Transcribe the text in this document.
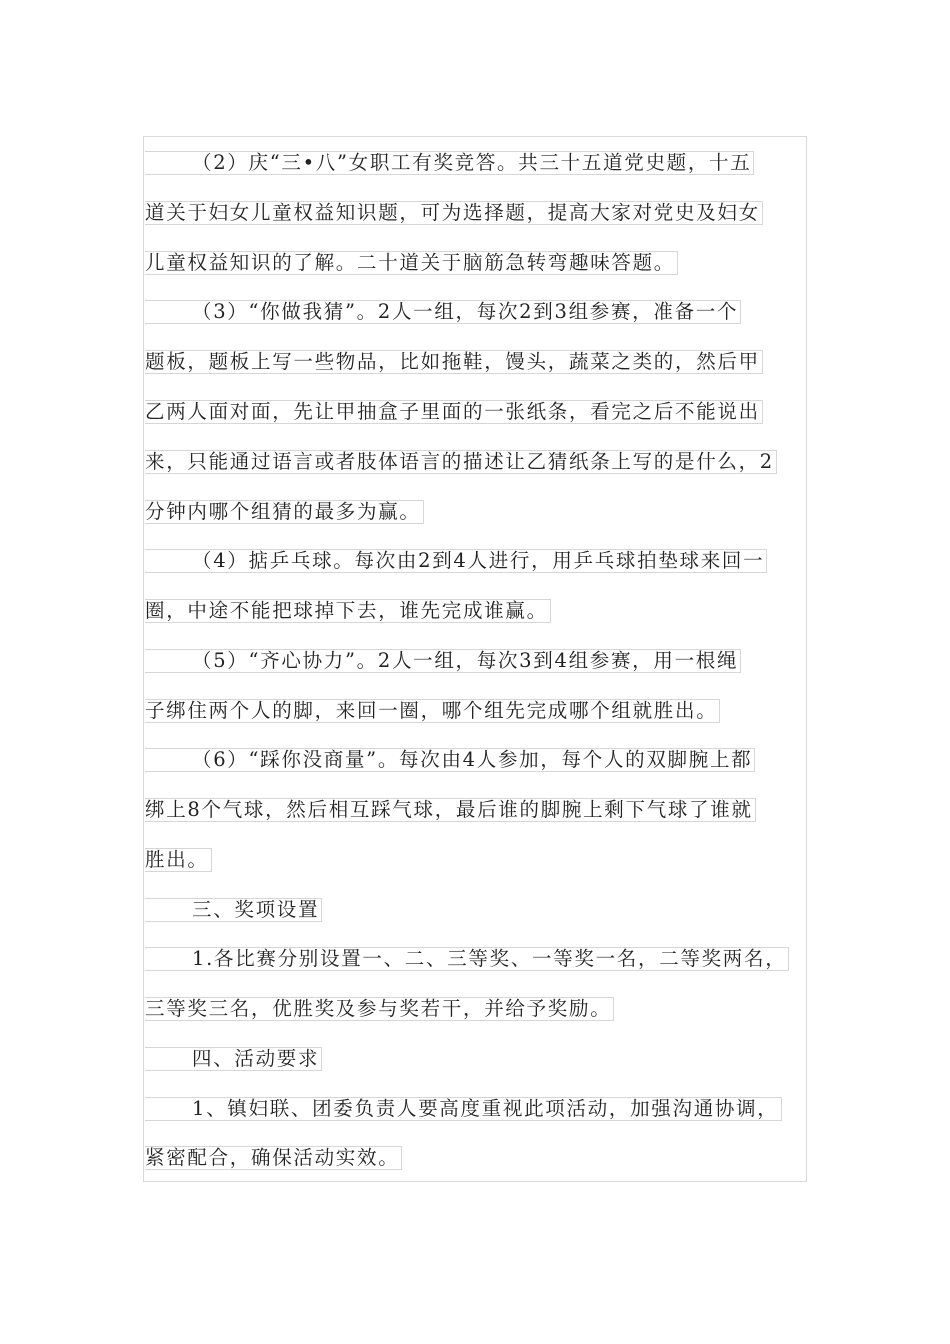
（2）庆“三•八”女职工有奖竞答。共三十五道党史题，十五
道关于妇女儿童权益知识题，可为选择题，提高大家对党史及妇女
儿童权益知识的了解。二十道关于脑筋急转弯趣味答题。
（3）“你做我猜”。2人一组，每次2到3组参赛，准备一个
题板，题板上写一些物品，比如拖鞋，馒头，蔬菜之类的，然后甲
乙两人面对面，先让甲抽盒子里面的一张纸条，看完之后不能说出
来，只能通过语言或者肢体语言的描述让乙猜纸条上写的是什么，2
分钟内哪个组猜的最多为赢。
（4）掂乒乓球。每次由2到4人进行，用乒乓球拍垫球来回一
圈，中途不能把球掉下去，谁先完成谁赢。
（5）“齐心协力”。2人一组，每次3到4组参赛，用一根绳
子绑住两个人的脚，来回一圈，哪个组先完成哪个组就胜出。
（6）“踩你没商量”。每次由4人参加，每个人的双脚腕上都
绑上8个气球，然后相互踩气球，最后谁的脚腕上剩下气球了谁就
胜出。
三、奖项设置
1.各比赛分别设置一、二、三等奖、一等奖一名，二等奖两名，
三等奖三名，优胜奖及参与奖若干，并给予奖励。
四、活动要求
1、镇妇联、团委负责人要高度重视此项活动，加强沟通协调，
紧密配合，确保活动实效。
